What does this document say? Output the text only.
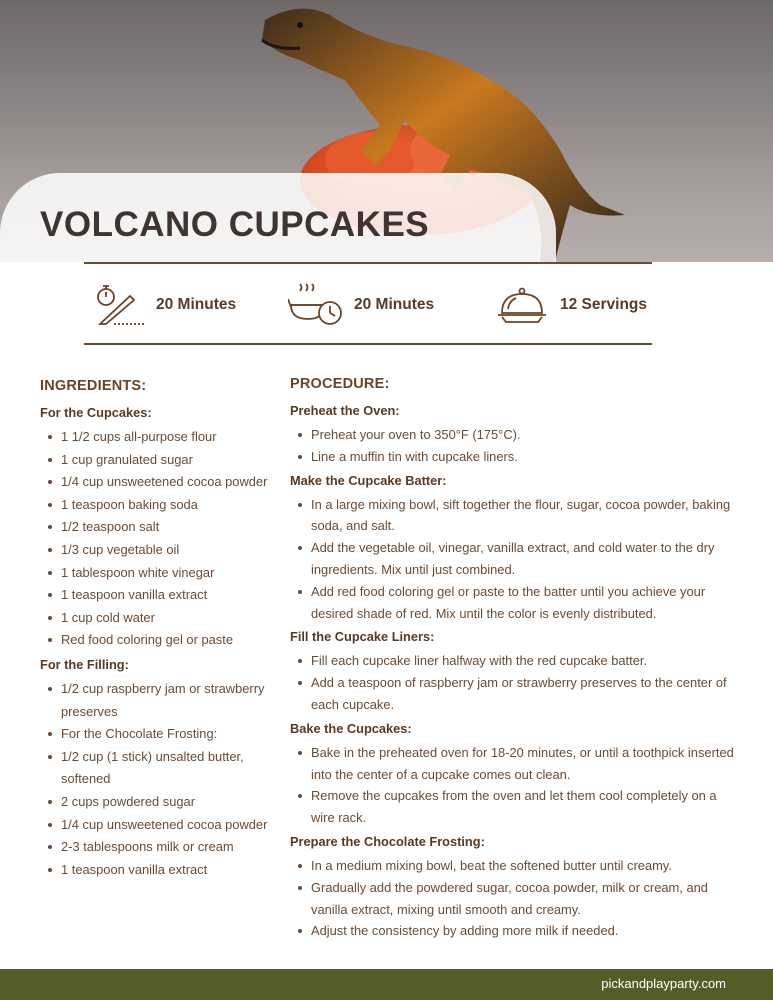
VOLCANO CUPCAKES
20 Minutes	20 Minutes	12 Servings
INGREDIENTS:
For the Cupcakes:
1 1/2 cups all-purpose flour
1 cup granulated sugar
1/4 cup unsweetened cocoa powder
1 teaspoon baking soda
1/2 teaspoon salt
1/3 cup vegetable oil
1 tablespoon white vinegar
1 teaspoon vanilla extract
1 cup cold water
Red food coloring gel or paste
For the Filling:
1/2 cup raspberry jam or strawberry preserves
For the Chocolate Frosting:
1/2 cup (1 stick) unsalted butter, softened
2 cups powdered sugar
1/4 cup unsweetened cocoa powder
2-3 tablespoons milk or cream
1 teaspoon vanilla extract
PROCEDURE:
Preheat the Oven:
Preheat your oven to 350°F (175°C).
Line a muffin tin with cupcake liners.
Make the Cupcake Batter:
In a large mixing bowl, sift together the flour, sugar, cocoa powder, baking soda, and salt.
Add the vegetable oil, vinegar, vanilla extract, and cold water to the dry ingredients. Mix until just combined.
Add red food coloring gel or paste to the batter until you achieve your desired shade of red. Mix until the color is evenly distributed.
Fill the Cupcake Liners:
Fill each cupcake liner halfway with the red cupcake batter.
Add a teaspoon of raspberry jam or strawberry preserves to the center of each cupcake.
Bake the Cupcakes:
Bake in the preheated oven for 18-20 minutes, or until a toothpick inserted into the center of a cupcake comes out clean.
Remove the cupcakes from the oven and let them cool completely on a wire rack.
Prepare the Chocolate Frosting:
In a medium mixing bowl, beat the softened butter until creamy.
Gradually add the powdered sugar, cocoa powder, milk or cream, and vanilla extract, mixing until smooth and creamy.
Adjust the consistency by adding more milk if needed.
pickandplayparty.com
